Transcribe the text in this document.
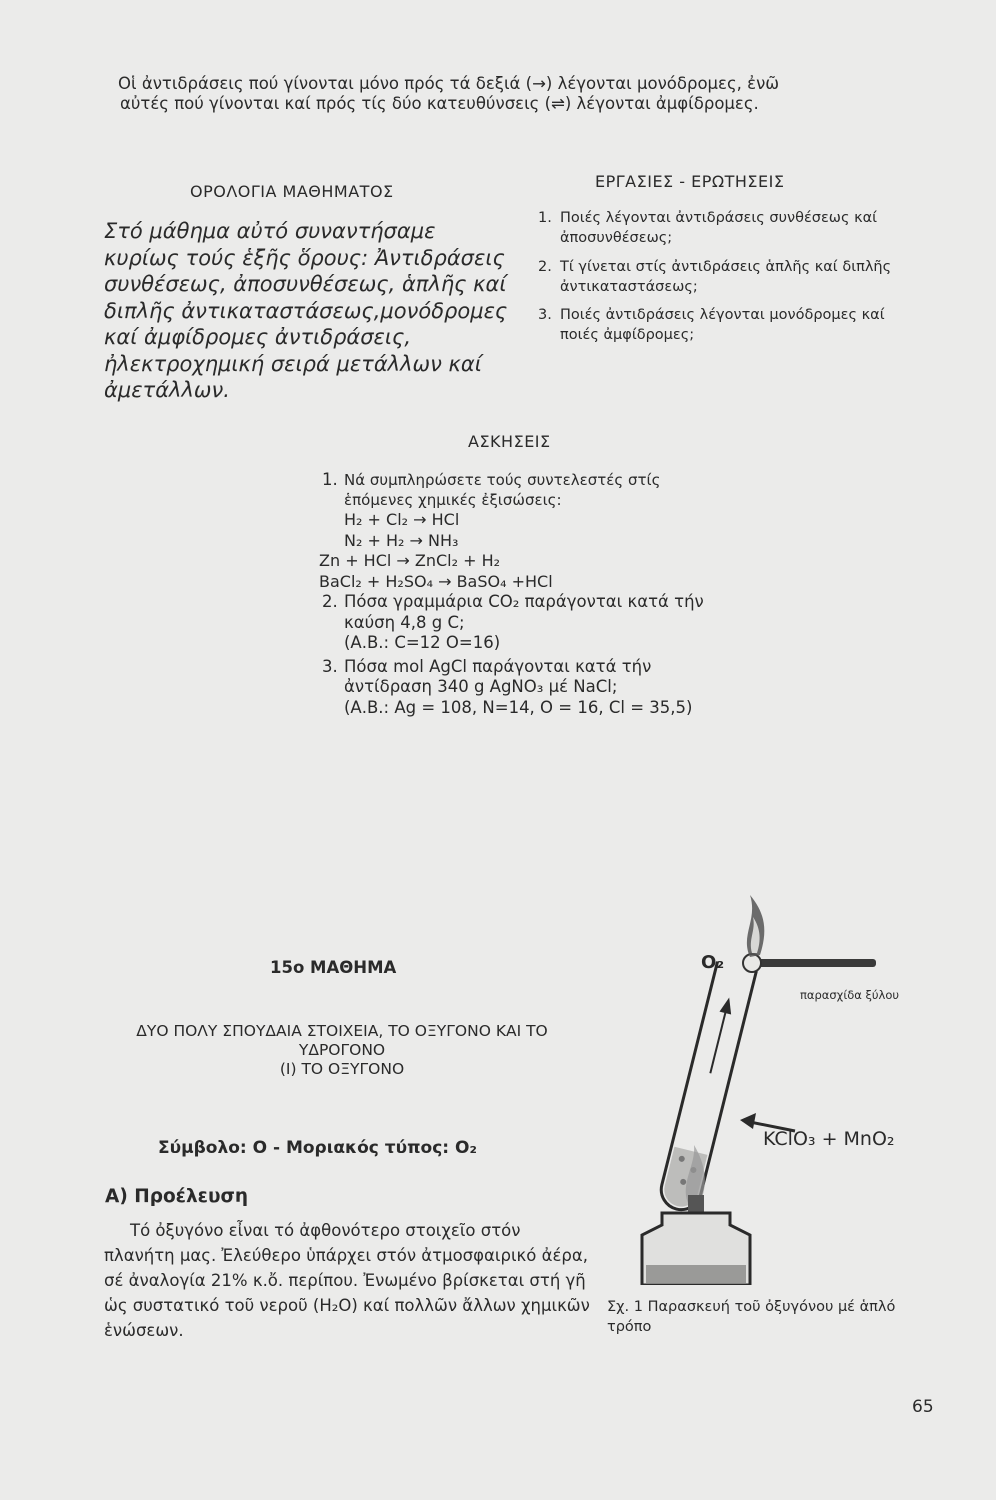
Οἱ ἀντιδράσεις πού γίνονται μόνο πρός τά δεξιά (→) λέγονται μονόδρομες, ἐνῶ

αὐτές πού γίνονται καί πρός τίς δύο κατευθύνσεις (⇌) λέγονται ἀμφίδρομες.

ΟΡΟΛΟΓΙΑ ΜΑΘΗΜΑΤΟΣ
Στό μάθημα αὐτό συναντήσαμε κυρίως τούς ἑξῆς ὅρους: Ἀντιδράσεις συνθέσεως, ἀποσυνθέσεως, ἁπλῆς καί διπλῆς ἀντικαταστάσεως,μονόδρομες καί ἀμφίδρομες ἀντιδράσεις, ἠλεκτροχημική σειρά μετάλλων καί ἀμετάλλων.
ΕΡΓΑΣΙΕΣ - ΕΡΩΤΗΣΕΙΣ
1. Ποιές λέγονται ἀντιδράσεις συνθέσεως καί ἀποσυνθέσεως;
2. Τί γίνεται στίς ἀντιδράσεις ἁπλῆς καί διπλῆς ἀντικαταστάσεως;
3. Ποιές ἀντιδράσεις λέγονται μονόδρομες καί ποιές ἀμφίδρομες;
ΑΣΚΗΣΕΙΣ
1. Νά συμπληρώσετε τούς συντελεστές στίς ἑπόμενες χημικές ἐξισώσεις:
H₂ + Cl₂ → HCl
N₂ + H₂ → NH₃
Zn + HCl → ZnCl₂ + H₂
BaCl₂ + H₂SO₄ → BaSO₄ +HCl
2. Πόσα γραμμάρια CO₂ παράγονται κατά τήν καύση 4,8 g C;
(Α.Β.: C=12 O=16)
3. Πόσα mol AgCl παράγονται κατά τήν ἀντίδραση 340 g AgNO₃ μέ NaCl;
(Α.Β.: Ag = 108, N=14, O = 16, Cl = 35,5)
15ο ΜΑΘΗΜΑ
ΔΥΟ ΠΟΛΥ ΣΠΟΥΔΑΙΑ ΣΤΟΙΧΕΙΑ, ΤΟ ΟΞΥΓΟΝΟ ΚΑΙ ΤΟ
ΥΔΡΟΓΟΝΟ
(Ι) ΤΟ ΟΞΥΓΟΝΟ
Σύμβολο: O - Μοριακός τύπος: O₂
Α) Προέλευση
Τό ὀξυγόνο εἶναι τό ἀφθονότερο στοιχεῖο στόν πλανήτη μας. Ἐλεύθερο ὑπάρχει στόν ἀτμοσφαιρικό ἀέρα, σέ ἀναλογία 21% κ.ὄ. περίπου. Ἐνωμένο βρίσκεται στή γῆ ὡς συστατικό τοῦ νεροῦ (H₂O) καί πολλῶν ἄλλων χημικῶν ἑνώσεων.
O₂
παρασχίδα ξύλου
KClO₃ + MnO₂
Σχ. 1 Παρασκευή τοῦ ὀξυγόνου μέ ἁπλό τρόπο
65
